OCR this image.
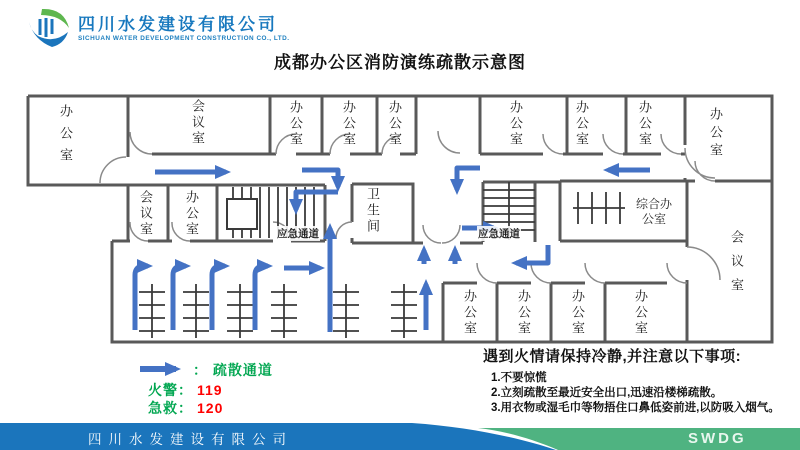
四川水发建设有限公司
SICHUAN WATER DEVELOPMENT CONSTRUCTION CO., LTD.
成都办公区消防演练疏散示意图
办公室	会议室	办公室	办公室 办公室	办公室	办公室	办公室	办公室
会议室 办公室	卫生间	综合办
公室
会议室
办公室	办公室	办公室	办公室
应急通道	应急通道
： 疏散通道
火警： 119
急救： 120
遇到火情请保持冷静,并注意以下事项:
1.不要惊慌
2.立刻疏散至最近安全出口,迅速沿楼梯疏散。
3.用衣物或湿毛巾等物捂住口鼻低姿前进,以防吸入烟气。
四川水发建设有限公司	SWDG
